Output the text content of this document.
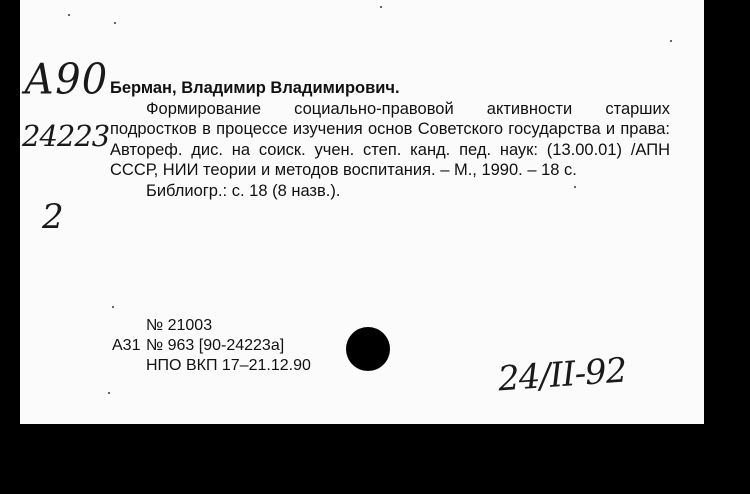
А90
24223
2

Берман, Владимир Владимирович.

Формирование социально-правовой активности старших подростков в процессе изучения основ Советского государства и права: Автореф. дис. на соиск. учен. степ. канд. пед. наук: (13.00.01) /АПН СССР, НИИ теории и методов воспитания. – М., 1990. – 18 с.

Библиогр.: с. 18 (8 назв.).

№ 21003
А31 № 963 [90-24223а]
НПО ВКП 17–21.12.90	24/II-92
